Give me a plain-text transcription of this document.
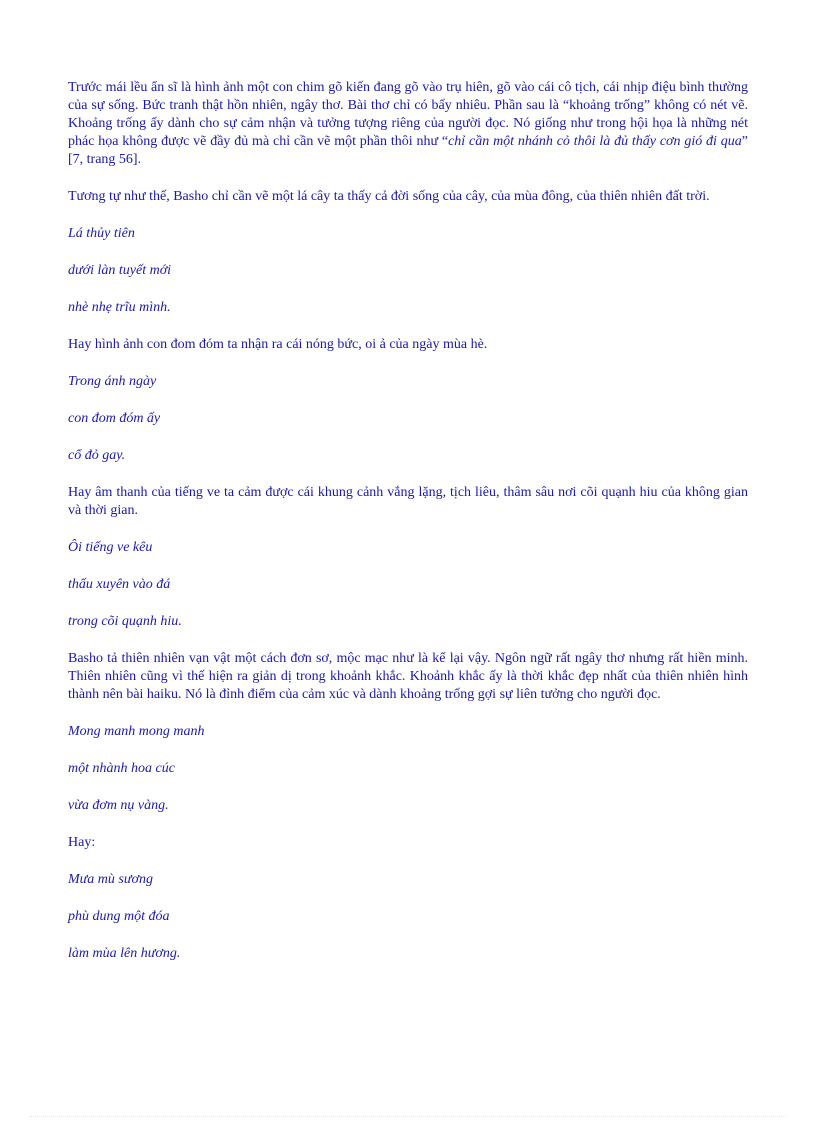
Trước mái lều ẩn sĩ là hình ảnh một con chim gõ kiến đang gõ vào trụ hiên, gõ vào cái cô tịch, cái nhịp điệu bình thường của sự sống. Bức tranh thật hồn nhiên, ngây thơ. Bài thơ chỉ có bấy nhiêu. Phần sau là “khoảng trống” không có nét vẽ. Khoảng trống ấy dành cho sự cảm nhận và tưởng tượng riêng của người đọc. Nó giống như trong hội họa là những nét phác họa không được vẽ đầy đủ mà chỉ cần vẽ một phần thôi như “chỉ cần một nhánh cỏ thôi là đủ thấy cơn gió đi qua” [7, trang 56].

Tương tự như thế, Basho chỉ cần vẽ một lá cây ta thấy cả đời sống của cây, của mùa đông, của thiên nhiên đất trời.

Lá thủy tiên

dưới làn tuyết mới

nhè nhẹ trĩu mình.

Hay hình ảnh con đom đóm ta nhận ra cái nóng bức, oi ả của ngày mùa hè.

Trong ánh ngày

con đom đóm ấy

cổ đỏ gay.

Hay âm thanh của tiếng ve ta cảm được cái khung cảnh vắng lặng, tịch liêu, thâm sâu nơi cõi quạnh hiu của không gian và thời gian.

Ôi tiếng ve kêu

thấu xuyên vào đá

trong cõi quạnh hiu.

Basho tả thiên nhiên vạn vật một cách đơn sơ, mộc mạc như là kể lại vậy. Ngôn ngữ rất ngây thơ nhưng rất hiền minh. Thiên nhiên cũng vì thế hiện ra giản dị trong khoảnh khắc. Khoảnh khắc ấy là thời khắc đẹp nhất của thiên nhiên hình thành nên bài haiku. Nó là đỉnh điểm của cảm xúc và dành khoảng trống gợi sự liên tưởng cho người đọc.

Mong manh mong manh

một nhành hoa cúc

vừa đơm nụ vàng.

Hay:

Mưa mù sương

phù dung một đóa

làm mùa lên hương.
